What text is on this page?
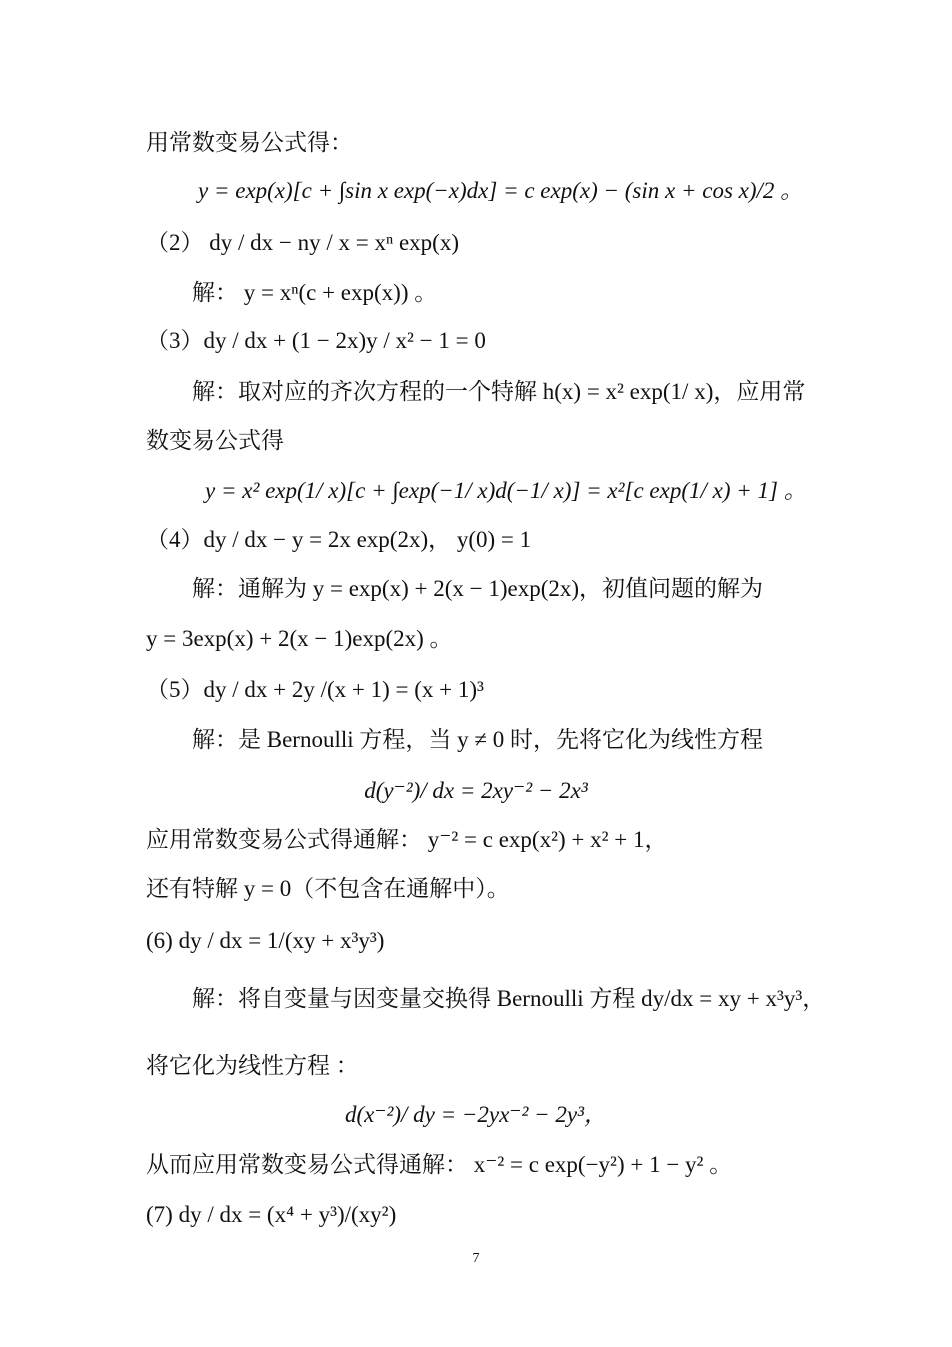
用常数变易公式得：
y = exp(x)[c + ∫sin x exp(−x)dx] = c exp(x) − (sin x + cos x)/2 。
（2） dy / dx − ny / x = xⁿ exp(x)
解： y = xⁿ(c + exp(x)) 。
（3）dy / dx + (1 − 2x)y / x² − 1 = 0
解：取对应的齐次方程的一个特解 h(x) = x² exp(1/ x)，应用常
数变易公式得
y = x² exp(1/ x)[c + ∫exp(−1/ x)d(−1/ x)] = x²[c exp(1/ x) + 1] 。
（4）dy / dx − y = 2x exp(2x)， y(0) = 1
解：通解为 y = exp(x) + 2(x − 1)exp(2x)，初值问题的解为
y = 3exp(x) + 2(x − 1)exp(2x) 。
（5）dy / dx + 2y /(x + 1) = (x + 1)³
解：是 Bernoulli 方程，当 y ≠ 0 时，先将它化为线性方程
d(y⁻²)/ dx = 2xy⁻² − 2x³
应用常数变易公式得通解： y⁻² = c exp(x²) + x² + 1，
还有特解 y = 0（不包含在通解中）。
(6) dy / dx = 1/(xy + x³y³)
解：将自变量与因变量交换得 Bernoulli 方程 dy/dx = xy + x³y³，
将它化为线性方程 ：
d(x⁻²)/ dy = −2yx⁻² − 2y³，
从而应用常数变易公式得通解： x⁻² = c exp(−y²) + 1 − y² 。
(7) dy / dx = (x⁴ + y³)/(xy²)
7
